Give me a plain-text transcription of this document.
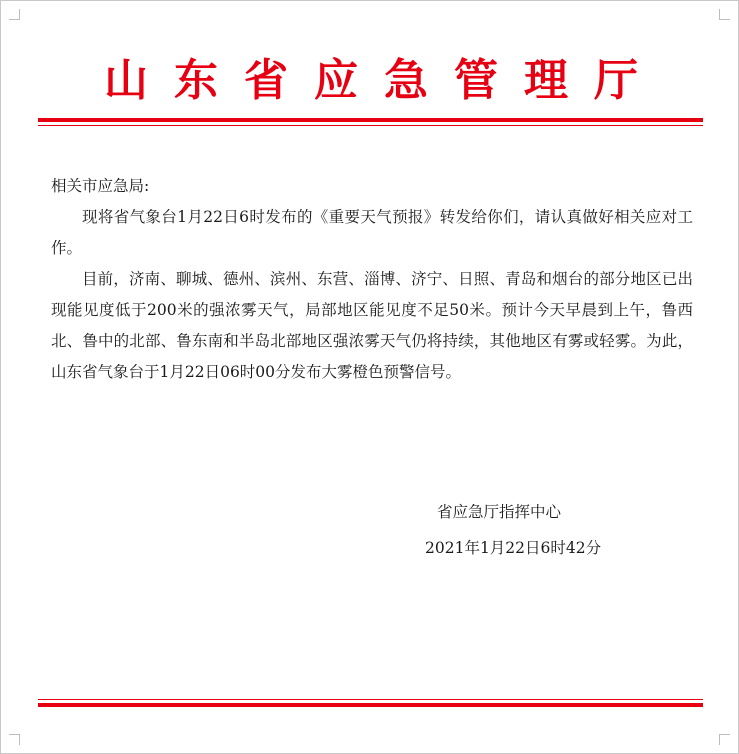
山东省应急管理厅

相关市应急局:

现将省气象台1月22日6时发布的《重要天气预报》转发给你们，请认真做好相关应对工作。

目前，济南、聊城、德州、滨州、东营、淄博、济宁、日照、青岛和烟台的部分地区已出现能见度低于200米的强浓雾天气，局部地区能见度不足50米。预计今天早晨到上午，鲁西北、鲁中的北部、鲁东南和半岛北部地区强浓雾天气仍将持续，其他地区有雾或轻雾。为此，山东省气象台于1月22日06时00分发布大雾橙色预警信号。

省应急厅指挥中心
2021年1月22日6时42分
